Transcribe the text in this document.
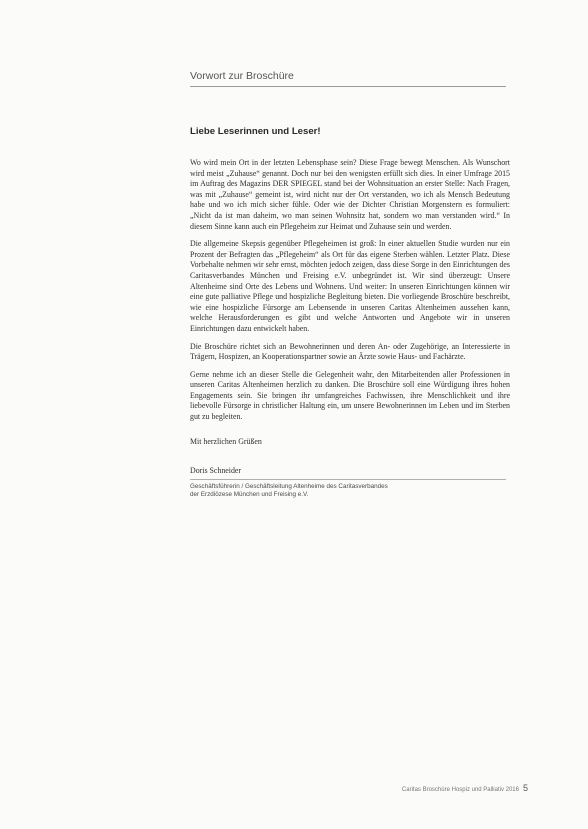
Vorwort zur Broschüre
Liebe Leserinnen und Leser!

Wo wird mein Ort in der letzten Lebensphase sein? Diese Frage bewegt Menschen. Als Wunschort wird meist „Zuhause“ genannt. Doch nur bei den wenigsten erfüllt sich dies. In einer Umfrage 2015 im Auftrag des Magazins DER SPIEGEL stand bei der Wohnsituation an erster Stelle: Nach Fragen, was mit „Zuhause“ gemeint ist, wird nicht nur der Ort verstanden, wo ich als Mensch Bedeutung habe und wo ich mich sicher fühle. Oder wie der Dichter Christian Morgenstern es formuliert: „Nicht da ist man daheim, wo man seinen Wohnsitz hat, sondern wo man verstanden wird.“ In diesem Sinne kann auch ein Pflegeheim zur Heimat und Zuhause sein und werden.

Die allgemeine Skepsis gegenüber Pflegeheimen ist groß: In einer aktuellen Studie wurden nur ein Prozent der Befragten das „Pflegeheim“ als Ort für das eigene Sterben wählen. Letzter Platz. Diese Vorbehalte nehmen wir sehr ernst, möchten jedoch zeigen, dass diese Sorge in den Einrichtungen des Caritasverbandes München und Freising e.V. unbegründet ist. Wir sind überzeugt: Unsere Altenheime sind Orte des Lebens und Wohnens. Und weiter: In unseren Einrichtungen können wir eine gute palliative Pflege und hospizliche Begleitung bieten. Die vorliegende Broschüre beschreibt, wie eine hospizliche Fürsorge am Lebensende in unseren Caritas Altenheimen aussehen kann, welche Herausforderungen es gibt und welche Antworten und Angebote wir in unseren Einrichtungen dazu entwickelt haben.

Die Broschüre richtet sich an Bewohnerinnen und deren An- oder Zugehörige, an Interessierte in Trägern, Hospizen, an Kooperationspartner sowie an Ärzte sowie Haus- und Fachärzte.

Gerne nehme ich an dieser Stelle die Gelegenheit wahr, den Mitarbeitenden aller Professionen in unseren Caritas Altenheimen herzlich zu danken. Die Broschüre soll eine Würdigung ihres hohen Engagements sein. Sie bringen ihr umfangreiches Fachwissen, ihre Menschlichkeit und ihre liebevolle Fürsorge in christlicher Haltung ein, um unsere Bewohnerinnen im Leben und im Sterben gut zu begleiten.

Mit herzlichen Grüßen

Doris Schneider

Geschäftsführerin / Geschäftsleitung Altenheime des Caritasverbandes

der Erzdiözese München und Freising e.V.

Caritas Broschüre Hospiz und Palliativ 2016 5
